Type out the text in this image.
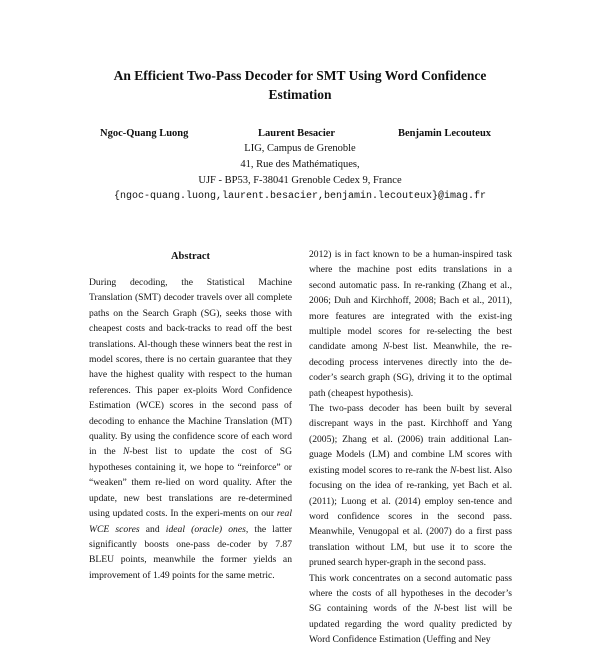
An Efficient Two-Pass Decoder for SMT Using Word Confidence
Estimation
Ngoc-Quang Luong	Laurent Besacier	Benjamin Lecouteux
LIG, Campus de Grenoble
41, Rue des Mathématiques,
UJF - BP53, F-38041 Grenoble Cedex 9, France
{ngoc-quang.luong,laurent.besacier,benjamin.lecouteux}@imag.fr
Abstract

During decoding, the Statistical Machine Translation (SMT) decoder travels over all complete paths on the Search Graph (SG), seeks those with cheapest costs and back-tracks to read off the best translations. Al-though these winners beat the rest in model scores, there is no certain guarantee that they have the highest quality with respect to the human references. This paper ex-ploits Word Confidence Estimation (WCE) scores in the second pass of decoding to enhance the Machine Translation (MT) quality. By using the confidence score of each word in the N-best list to update the cost of SG hypotheses containing it, we hope to “reinforce” or “weaken” them re-lied on word quality. After the update, new best translations are re-determined using updated costs. In the experi-ments on our real WCE scores and ideal (oracle) ones, the latter significantly boosts one-pass de-coder by 7.87 BLEU points, meanwhile the former yields an improvement of 1.49 points for the same metric.

2012) is in fact known to be a human-inspired task where the machine post edits translations in a second automatic pass. In re-ranking (Zhang et al., 2006; Duh and Kirchhoff, 2008; Bach et al., 2011), more features are integrated with the exist-ing multiple model scores for re-selecting the best candidate among N-best list. Meanwhile, the re-decoding process intervenes directly into the de-coder’s search graph (SG), driving it to the optimal path (cheapest hypothesis).

The two-pass decoder has been built by several discrepant ways in the past. Kirchhoff and Yang (2005); Zhang et al. (2006) train additional Lan-guage Models (LM) and combine LM scores with existing model scores to re-rank the N-best list. Also focusing on the idea of re-ranking, yet Bach et al. (2011); Luong et al. (2014) employ sen-tence and word confidence scores in the second pass. Meanwhile, Venugopal et al. (2007) do a first pass translation without LM, but use it to score the pruned search hyper-graph in the second pass.

This work concentrates on a second automatic pass where the costs of all hypotheses in the decoder’s SG containing words of the N-best list will be updated regarding the word quality predicted by Word Confidence Estimation (Ueffing and Ney
